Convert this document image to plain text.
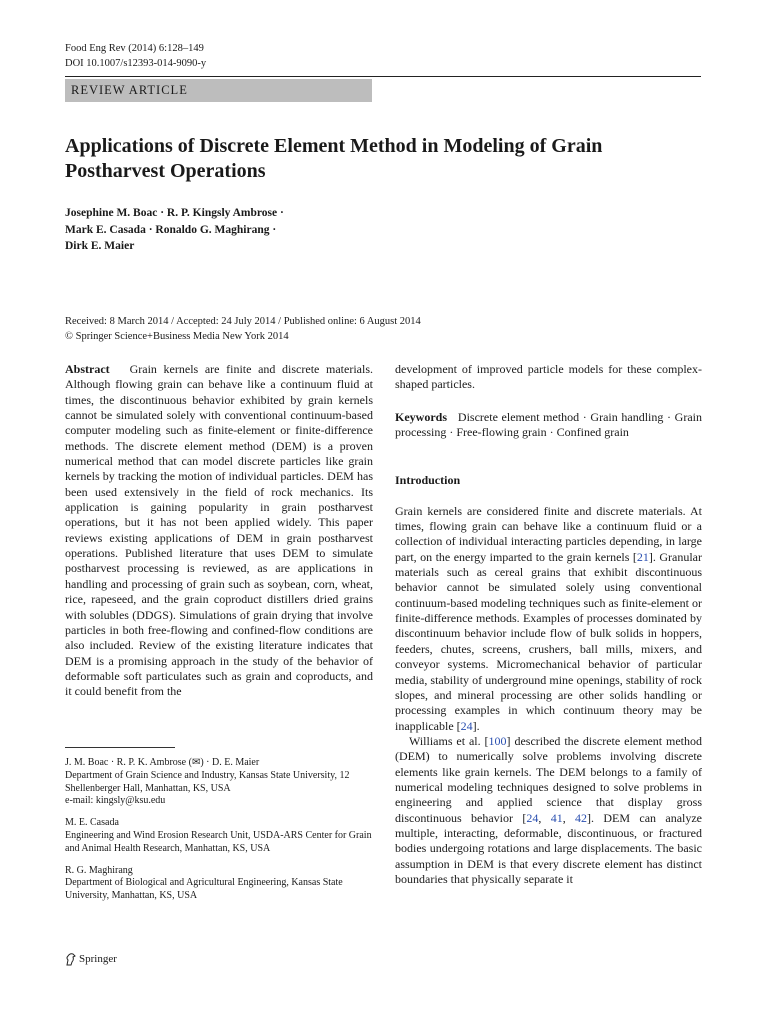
Food Eng Rev (2014) 6:128–149
DOI 10.1007/s12393-014-9090-y
REVIEW ARTICLE
Applications of Discrete Element Method in Modeling of Grain Postharvest Operations
Josephine M. Boac · R. P. Kingsly Ambrose ·
Mark E. Casada · Ronaldo G. Maghirang ·
Dirk E. Maier
Received: 8 March 2014 / Accepted: 24 July 2014 / Published online: 6 August 2014
© Springer Science+Business Media New York 2014

Abstract Grain kernels are finite and discrete materials. Although flowing grain can behave like a continuum fluid at times, the discontinuous behavior exhibited by grain kernels cannot be simulated solely with conventional continuum-based computer modeling such as finite-element or finite-difference methods. The discrete element method (DEM) is a proven numerical method that can model discrete particles like grain kernels by tracking the motion of individual particles. DEM has been used extensively in the field of rock mechanics. Its application is gaining popularity in grain postharvest operations, but it has not been applied widely. This paper reviews existing applications of DEM in grain postharvest operations. Published literature that uses DEM to simulate postharvest processing is reviewed, as are applications in handling and processing of grain such as soybean, corn, wheat, rice, rapeseed, and the grain coproduct distillers dried grains with solubles (DDGS). Simulations of grain drying that involve particles in both free-flowing and confined-flow conditions are also included. Review of the existing literature indicates that DEM is a promising approach in the study of the behavior of deformable soft particulates such as grain and coproducts, and it could benefit from the

development of improved particle models for these complex-shaped particles.

Keywords Discrete element method · Grain handling · Grain processing · Free-flowing grain · Confined grain

Introduction

Grain kernels are considered finite and discrete materials. At times, flowing grain can behave like a continuum fluid or a collection of individual interacting particles depending, in large part, on the energy imparted to the grain kernels [21]. Granular materials such as cereal grains that exhibit discontinuous behavior cannot be simulated solely using conventional continuum-based modeling techniques such as finite-element or finite-difference methods. Examples of processes dominated by discontinuum behavior include flow of bulk solids in hoppers, feeders, chutes, screens, crushers, ball mills, mixers, and conveyor systems. Micromechanical behavior of particular media, stability of underground mine openings, stability of rock slopes, and mineral processing are other solids handling or processing examples in which continuum theory may be inapplicable [24].

Williams et al. [100] described the discrete element method (DEM) to numerically solve problems involving discrete elements like grain kernels. The DEM belongs to a family of numerical modeling techniques designed to solve problems in engineering and applied science that display gross discontinuous behavior [24, 41, 42]. DEM can analyze multiple, interacting, deformable, discontinuous, or fractured bodies undergoing rotations and large displacements. The basic assumption in DEM is that every discrete element has distinct boundaries that physically separate it

J. M. Boac · R. P. K. Ambrose (✉) · D. E. Maier
Department of Grain Science and Industry, Kansas State University, 12 Shellenberger Hall, Manhattan, KS, USA
e-mail: kingsly@ksu.edu

M. E. Casada
Engineering and Wind Erosion Research Unit, USDA-ARS Center for Grain and Animal Health Research, Manhattan, KS, USA

R. G. Maghirang
Department of Biological and Agricultural Engineering, Kansas State University, Manhattan, KS, USA

Springer
